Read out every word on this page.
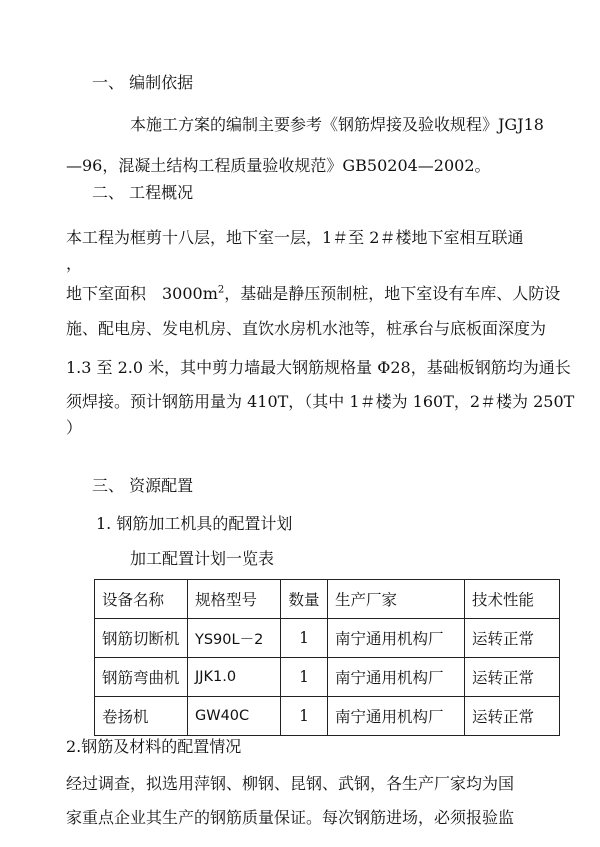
一、 编制依据
本施工方案的编制主要参考《钢筋焊接及验收规程》JGJ18
—96，混凝土结构工程质量验收规范》GB50204—2002。
二、 工程概况
本工程为框剪十八层，地下室一层，1＃至 2＃楼地下室相互联通
，
地下室面积　$3000m^2$，基础是静压预制桩，地下室设有车库、人防设
施、配电房、发电机房、直饮水房机水池等，桩承台与底板面深度为
1.3 至 2.0 米，其中剪力墙最大钢筋规格量 Φ28，基础板钢筋均为通长
须焊接。预计钢筋用量为 410T，（其中 1＃楼为 160T，2＃楼为 250T
）
三、 资源配置
1. 钢筋加工机具的配置计划
加工配置计划一览表
设备名称	规格型号	数量	生产厂家	技术性能
钢筋切断机	YS90L－2	1	南宁通用机构厂	运转正常
钢筋弯曲机	JJK1.0	1	南宁通用机构厂	运转正常
卷扬机	GW40C	1	南宁通用机构厂	运转正常
2.钢筋及材料的配置情况
经过调查，拟选用萍钢、柳钢、昆钢、武钢，各生产厂家均为国
家重点企业其生产的钢筋质量保证。每次钢筋进场，必须报验监
